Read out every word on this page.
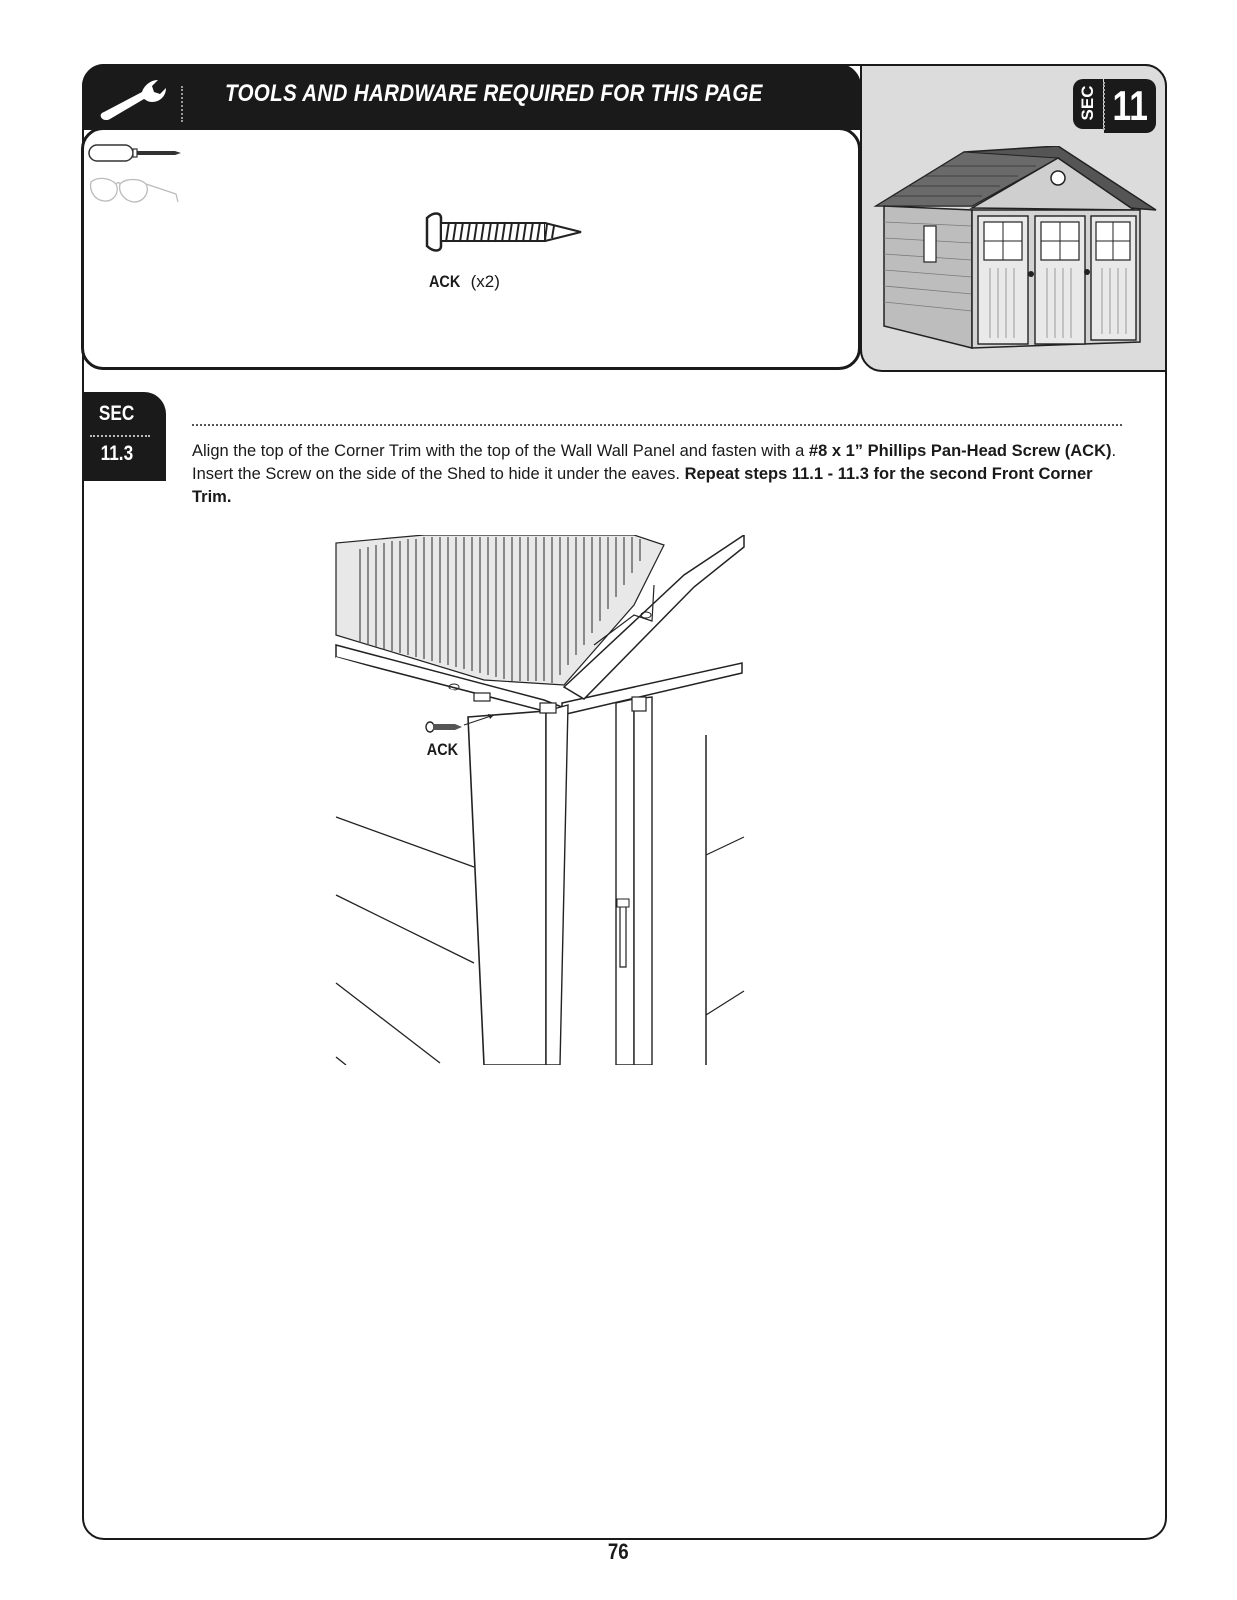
TOOLS AND HARDWARE REQUIRED FOR THIS PAGE
ACK (x2)
SEC 11
SEC
11.3	Align the top of the Corner Trim with the top of the Wall Wall Panel and fasten with a #8 x 1” Phillips Pan-Head Screw (ACK). Insert the Screw on the side of the Shed to hide it under the eaves. Repeat steps 11.1 - 11.3 for the second Front Corner Trim.
ACK
76
